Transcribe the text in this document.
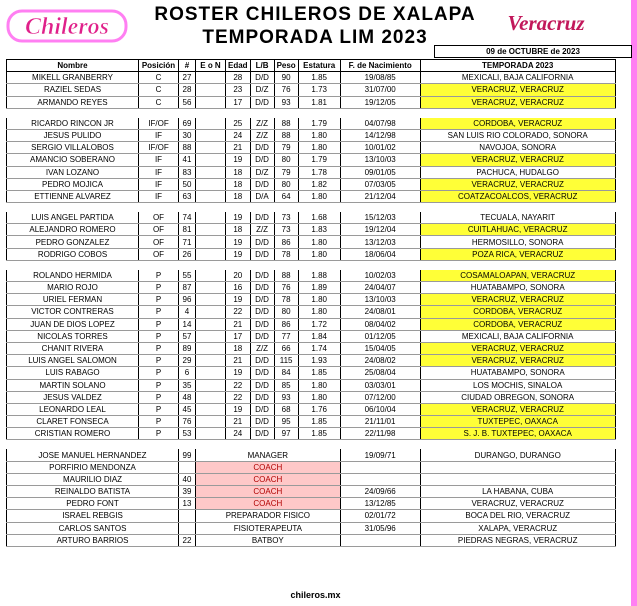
Chileros	ROSTER CHILEROS DE XALAPA
TEMPORADA LIM 2023
Veracruz
09 de OCTUBRE de 2023
Nombre	Posición	#	E o N	Edad	L/B	Peso	Estatura	F. de Nacimiento	TEMPORADA 2023
MIKELL GRANBERRY	C	27		28	D/D	90	1.85	19/08/85	MEXICALI, BAJA CALIFORNIA
RAZIEL SEDAS	C	28		23	D/Z	76	1.73	31/07/00	VERACRUZ, VERACRUZ
ARMANDO REYES	C	56		17	D/D	93	1.81	19/12/05	VERACRUZ, VERACRUZ

RICARDO RINCON JR	IF/OF	69		25	Z/Z	88	1.79	04/07/98	CORDOBA, VERACRUZ
JESUS PULIDO	IF	30		24	Z/Z	88	1.80	14/12/98	SAN LUIS RIO COLORADO, SONORA
SERGIO VILLALOBOS	IF/OF	88		21	D/D	79	1.80	10/01/02	NAVOJOA, SONORA
AMANCIO SOBERANO	IF	41		19	D/D	80	1.79	13/10/03	VERACRUZ, VERACRUZ
IVAN LOZANO	IF	83		18	D/Z	79	1.78	09/01/05	PACHUCA, HUDALGO
PEDRO MOJICA	IF	50		18	D/D	80	1.82	07/03/05	VERACRUZ, VERACRUZ
ETTIENNE ALVAREZ	IF	63		18	D/A	64	1.80	21/12/04	COATZACOALCOS, VERACRUZ

LUIS ANGEL PARTIDA	OF	74		19	D/D	73	1.68	15/12/03	TECUALA, NAYARIT
ALEJANDRO ROMERO	OF	81		18	Z/Z	73	1.83	19/12/04	CUITLAHUAC, VERACRUZ
PEDRO GONZALEZ	OF	71		19	D/D	86	1.80	13/12/03	HERMOSILLO, SONORA
RODRIGO COBOS	OF	26		19	D/D	78	1.80	18/06/04	POZA RICA, VERACRUZ

ROLANDO HERMIDA	P	55		20	D/D	88	1.88	10/02/03	COSAMALOAPAN, VERACRUZ
MARIO ROJO	P	87		16	D/D	76	1.89	24/04/07	HUATABAMPO, SONORA
URIEL FERMAN	P	96		19	D/D	78	1.80	13/10/03	VERACRUZ, VERACRUZ
VICTOR CONTRERAS	P	4		22	D/D	80	1.80	24/08/01	CORDOBA, VERACRUZ
JUAN DE DIOS LOPEZ	P	14		21	D/D	86	1.72	08/04/02	CORDOBA, VERACRUZ
NICOLAS TORRES	P	57		17	D/D	77	1.84	01/12/05	MEXICALI, BAJA CALIFORNIA
CHANIT RIVERA	P	89		18	Z/Z	66	1.74	15/04/05	VERACRUZ, VERACRUZ
LUIS ANGEL SALOMON	P	29		21	D/D	115	1.93	24/08/02	VERACRUZ, VERACRUZ
LUIS RABAGO	P	6		19	D/D	84	1.85	25/08/04	HUATABAMPO, SONORA
MARTIN SOLANO	P	35		22	D/D	85	1.80	03/03/01	LOS MOCHIS, SINALOA
JESUS VALDEZ	P	48		22	D/D	93	1.80	07/12/00	CIUDAD OBREGON, SONORA
LEONARDO LEAL	P	45		19	D/D	68	1.76	06/10/04	VERACRUZ, VERACRUZ
CLARET FONSECA	P	76		21	D/D	95	1.85	21/11/01	TUXTEPEC, OAXACA
CRISTIAN ROMERO	P	53		24	D/D	97	1.85	22/11/98	S. J. B. TUXTEPEC, OAXACA

JOSE MANUEL HERNANDEZ		99	MANAGER					19/09/71	DURANGO, DURANGO
PORFIRIO MENDONZA			COACH						
MAURILIO DIAZ		40	COACH						
REINALDO BATISTA		39	COACH					24/09/66	LA HABANA, CUBA
PEDRO FONT		13	COACH					13/12/85	VERACRUZ, VERACRUZ
ISRAEL REBGIS			PREPARADOR FISICO					02/01/72	BOCA DEL RIO, VERACRUZ
CARLOS SANTOS			FISIOTERAPEUTA					31/05/96	XALAPA, VERACRUZ
ARTURO BARRIOS		22	BATBOY						PIEDRAS NEGRAS, VERACRUZ
chileros.mx
